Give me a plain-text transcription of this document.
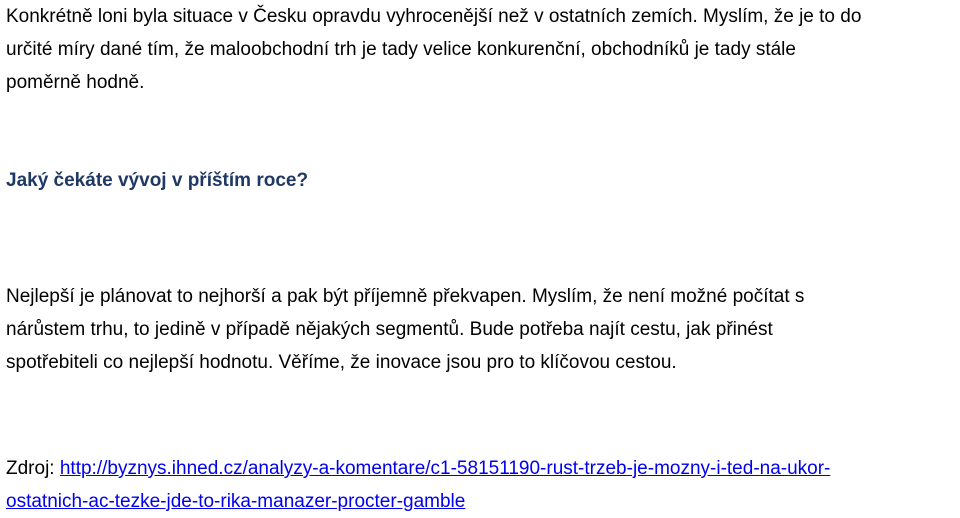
Konkrétně loni byla situace v Česku opravdu vyhrocenější než v ostatních zemích. Myslím, že je to do
určité míry dané tím, že maloobchodní trh je tady velice konkurenční, obchodníků je tady stále
poměrně hodně.
Jaký čekáte vývoj v příštím roce?
Nejlepší je plánovat to nejhorší a pak být příjemně překvapen. Myslím, že není možné počítat s
nárůstem trhu, to jedině v případě nějakých segmentů. Bude potřeba najít cestu, jak přinést
spotřebiteli co nejlepší hodnotu. Věříme, že inovace jsou pro to klíčovou cestou.
Zdroj: http://byznys.ihned.cz/analyzy-a-komentare/c1-58151190-rust-trzeb-je-mozny-i-ted-na-ukor-
ostatnich-ac-tezke-jde-to-rika-manazer-procter-gamble
